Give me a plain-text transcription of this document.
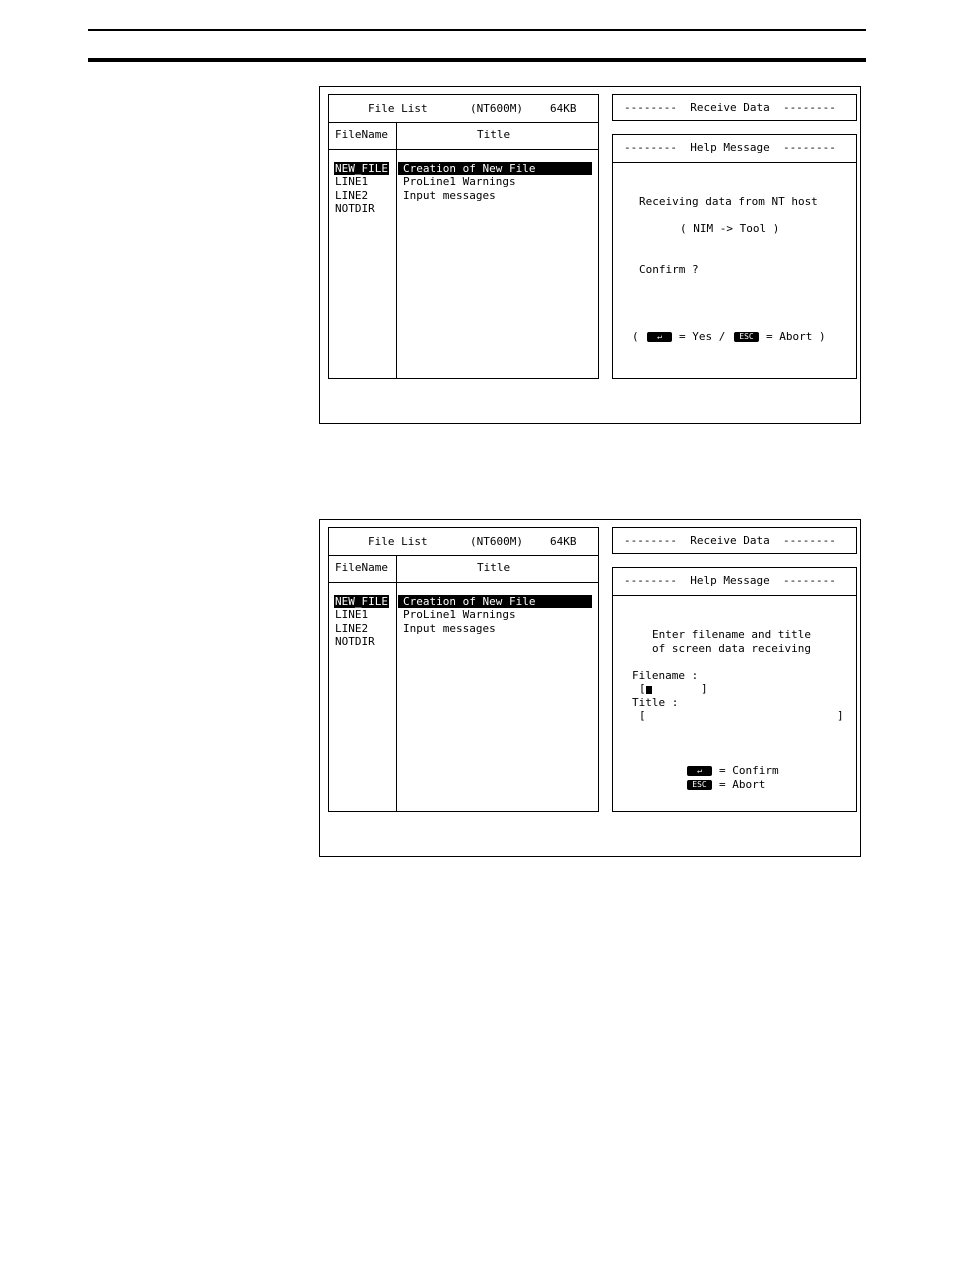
File List	(NT600M) 64KB
FileName	Title
NEW_FILE Creation of New File
LINE1	ProLine1 Warnings
LINE2	Input messages
NOTDIR
--------  Receive Data  --------
--------  Help Message  --------
Receiving data from NT host
( NIM -> Tool )
Confirm ?
(	↵	= Yes /	ESC	= Abort )
File List	(NT600M) 64KB
FileName	Title
NEW_FILE Creation of New File
LINE1	ProLine1 Warnings
LINE2	Input messages
NOTDIR
--------  Receive Data  --------
--------  Help Message  --------
Enter filename and title
of screen data receiving
Filename :
[	]
Title :
[	]
↵	= Confirm
ESC	= Abort
